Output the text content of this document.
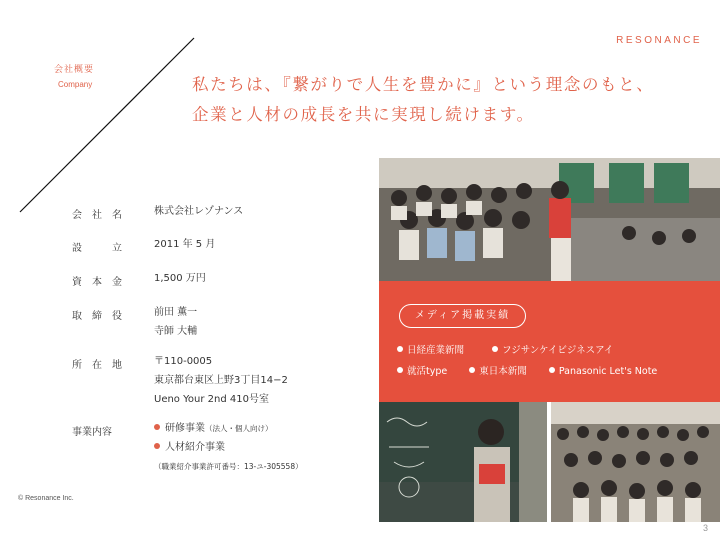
RESONANCE
会社概要
Company	私たちは、『繋がりで人生を豊かに』という理念のもと、
企業と人材の成長を共に実現し続けます。
会 社 名	株式会社レゾナンス
設	立	2011 年 5 月
資 本 金	1,500 万円
取 締 役	前田 薫一
寺師 大輔
所 在 地	〒110-0005
東京都台東区上野3丁目14−2
Ueno Your 2nd 410号室
事業内容	研修事業（法人・個人向け）
人材紹介事業
（職業紹介事業許可番号：13-ユ-305558）
© Resonance Inc.
3
メディア掲載実績
日経産業新聞	フジサンケイビジネスアイ
就活type	東日本新聞	Panasonic Let's Note
